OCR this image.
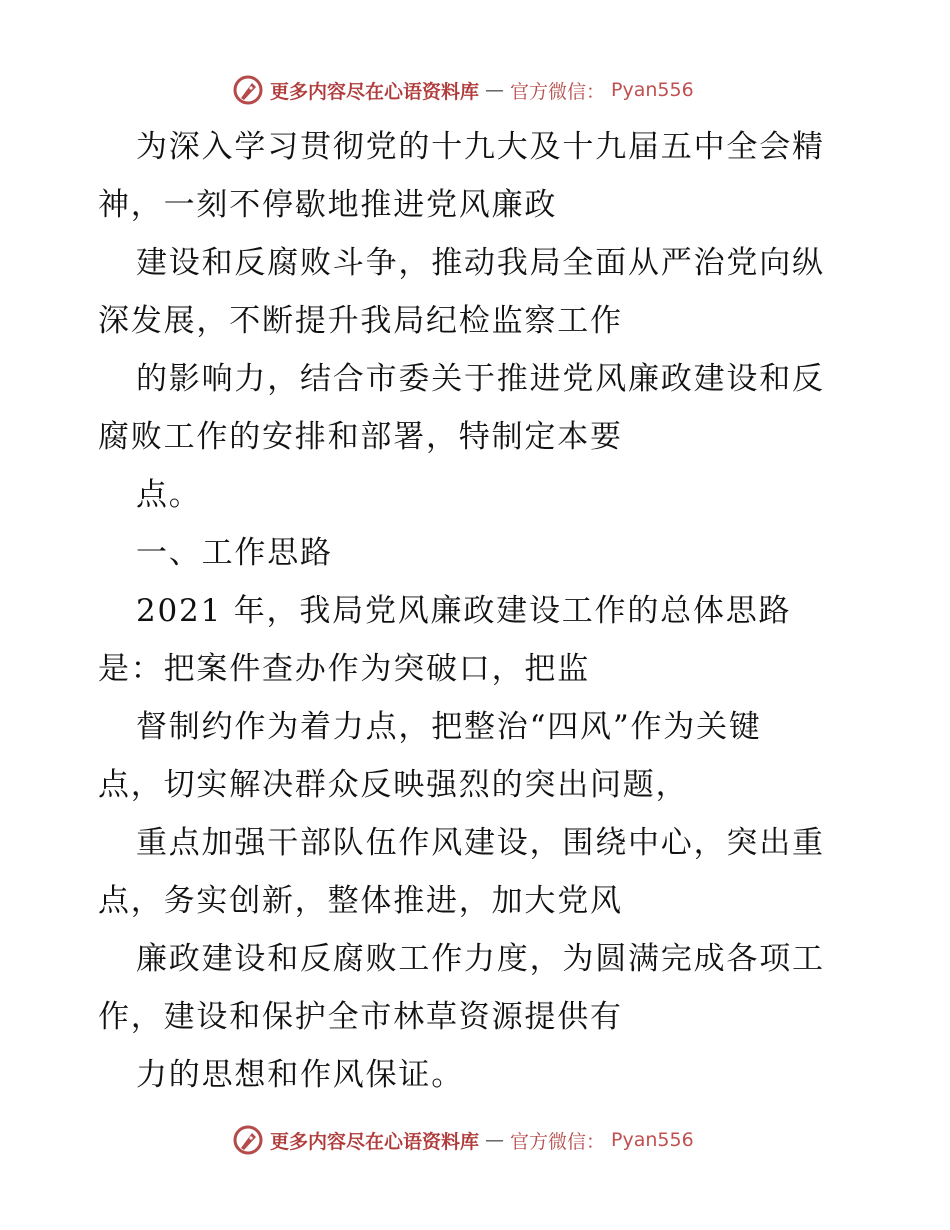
更多内容尽在心语资料库 — 官方微信： Pyan556
为深入学习贯彻党的十九大及十九届五中全会精
神，一刻不停歇地推进党风廉政
建设和反腐败斗争，推动我局全面从严治党向纵
深发展，不断提升我局纪检监察工作
的影响力，结合市委关于推进党风廉政建设和反
腐败工作的安排和部署，特制定本要
点。
一、工作思路
2021 年，我局党风廉政建设工作的总体思路
是：把案件查办作为突破口，把监
督制约作为着力点，把整治“四风”作为关键
点，切实解决群众反映强烈的突出问题，
重点加强干部队伍作风建设，围绕中心，突出重
点，务实创新，整体推进，加大党风
廉政建设和反腐败工作力度，为圆满完成各项工
作，建设和保护全市林草资源提供有
力的思想和作风保证。
更多内容尽在心语资料库 — 官方微信： Pyan556
